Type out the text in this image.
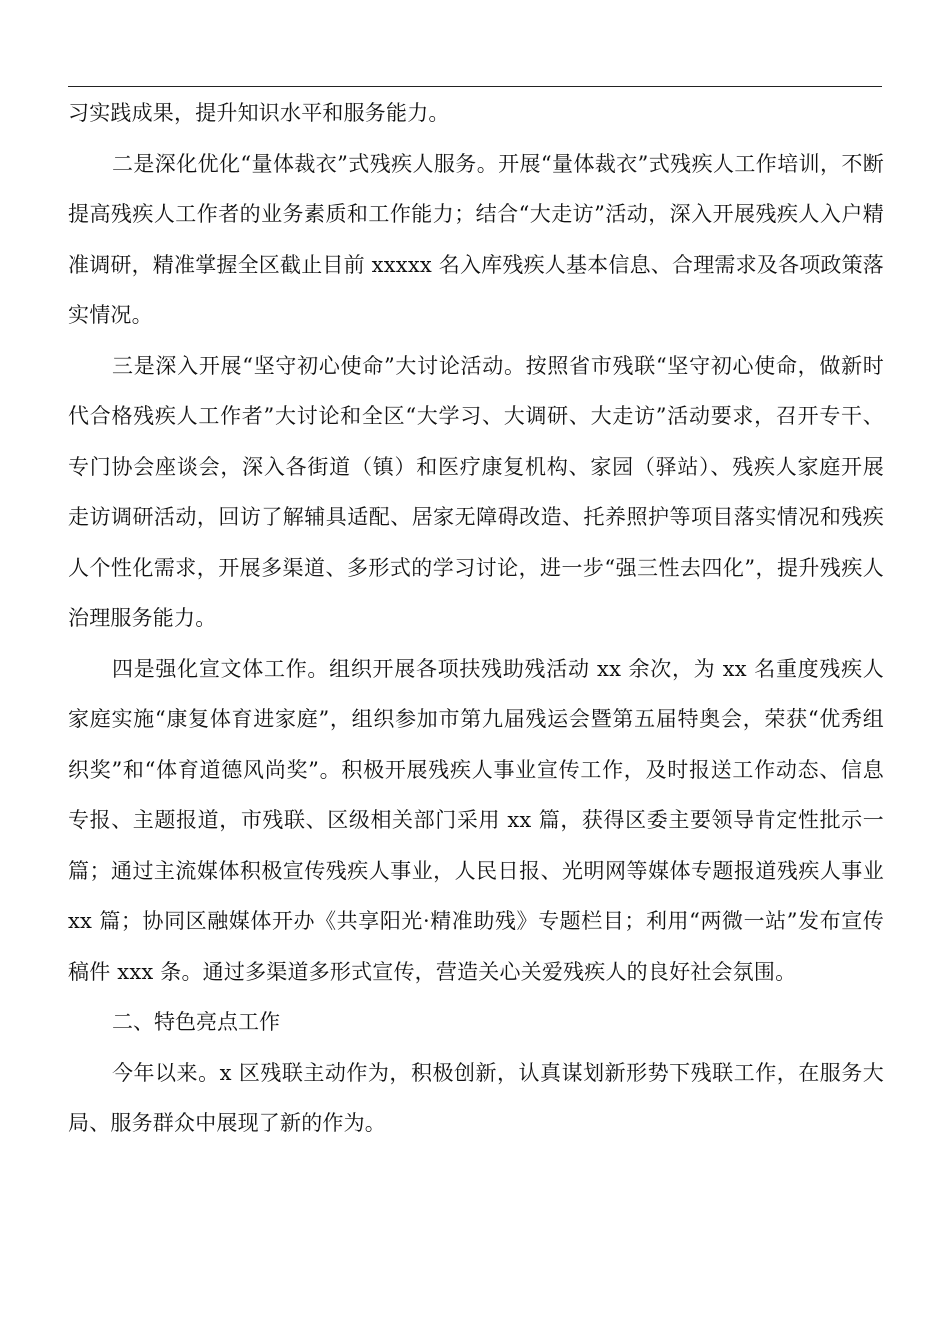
习实践成果，提升知识水平和服务能力。

二是深化优化“量体裁衣”式残疾人服务。开展“量体裁衣”式残疾人工作培训，不断提高残疾人工作者的业务素质和工作能力；结合“大走访”活动，深入开展残疾人入户精准调研，精准掌握全区截止目前 xxxxx 名入库残疾人基本信息、合理需求及各项政策落实情况。

三是深入开展“坚守初心使命”大讨论活动。按照省市残联“坚守初心使命，做新时代合格残疾人工作者”大讨论和全区“大学习、大调研、大走访”活动要求，召开专干、专门协会座谈会，深入各街道（镇）和医疗康复机构、家园（驿站）、残疾人家庭开展走访调研活动，回访了解辅具适配、居家无障碍改造、托养照护等项目落实情况和残疾人个性化需求，开展多渠道、多形式的学习讨论，进一步“强三性去四化”，提升残疾人治理服务能力。

四是强化宣文体工作。组织开展各项扶残助残活动 xx 余次，为 xx 名重度残疾人家庭实施“康复体育进家庭”，组织参加市第九届残运会暨第五届特奥会，荣获“优秀组织奖”和“体育道德风尚奖”。积极开展残疾人事业宣传工作，及时报送工作动态、信息专报、主题报道，市残联、区级相关部门采用 xx 篇，获得区委主要领导肯定性批示一篇；通过主流媒体积极宣传残疾人事业，人民日报、光明网等媒体专题报道残疾人事业 xx 篇；协同区融媒体开办《共享阳光·精准助残》专题栏目；利用“两微一站”发布宣传稿件 xxx 条。通过多渠道多形式宣传，营造关心关爱残疾人的良好社会氛围。

二、特色亮点工作

今年以来。x 区残联主动作为，积极创新，认真谋划新形势下残联工作，在服务大局、服务群众中展现了新的作为。
